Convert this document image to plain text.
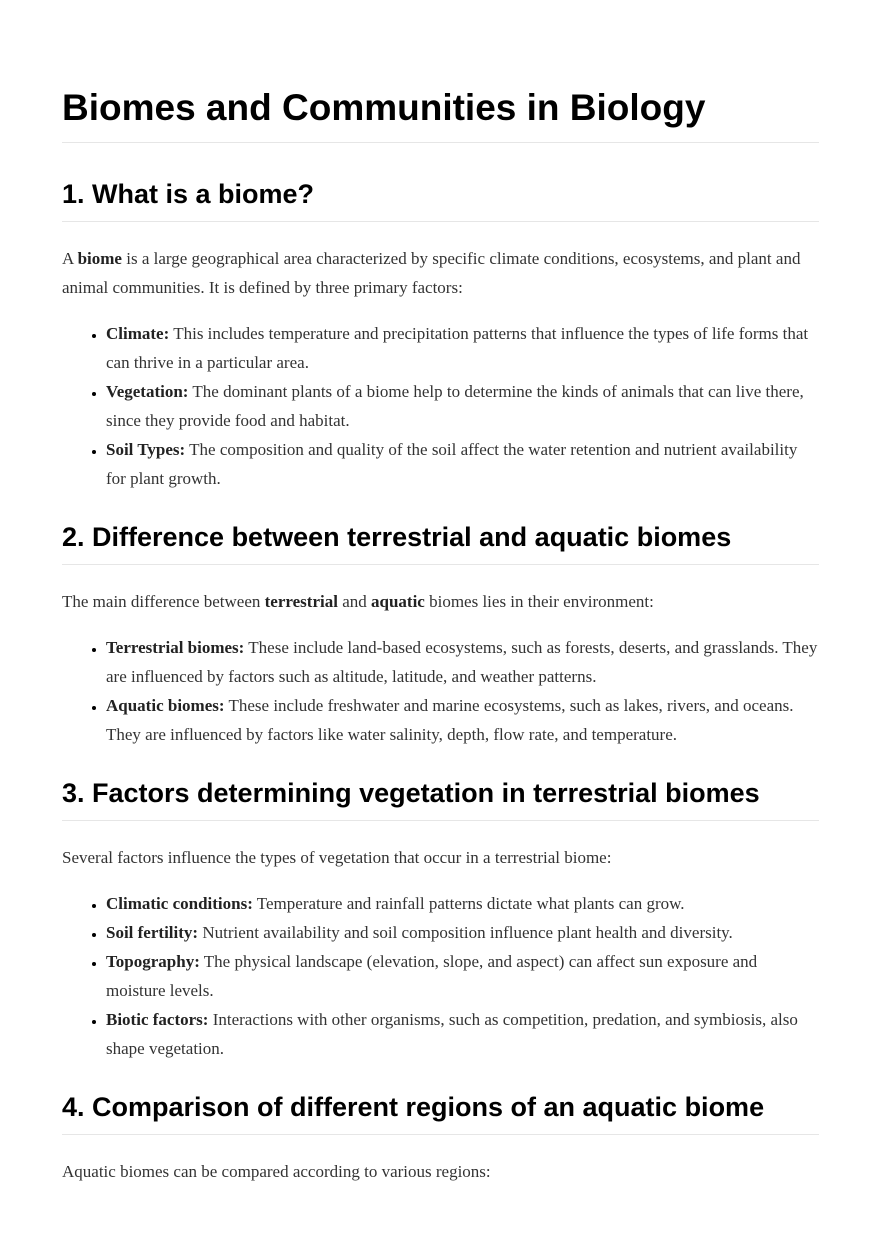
Biomes and Communities in Biology
1. What is a biome?

A biome is a large geographical area characterized by specific climate conditions, ecosystems, and plant and animal communities. It is defined by three primary factors:

• Climate: This includes temperature and precipitation patterns that influence the types of life forms that can thrive in a particular area.
• Vegetation: The dominant plants of a biome help to determine the kinds of animals that can live there, since they provide food and habitat.
• Soil Types: The composition and quality of the soil affect the water retention and nutrient availability for plant growth.
2. Difference between terrestrial and aquatic biomes

The main difference between terrestrial and aquatic biomes lies in their environment:

• Terrestrial biomes: These include land-based ecosystems, such as forests, deserts, and grasslands. They are influenced by factors such as altitude, latitude, and weather patterns.
• Aquatic biomes: These include freshwater and marine ecosystems, such as lakes, rivers, and oceans. They are influenced by factors like water salinity, depth, flow rate, and temperature.
3. Factors determining vegetation in terrestrial biomes

Several factors influence the types of vegetation that occur in a terrestrial biome:

• Climatic conditions: Temperature and rainfall patterns dictate what plants can grow.
• Soil fertility: Nutrient availability and soil composition influence plant health and diversity.
• Topography: The physical landscape (elevation, slope, and aspect) can affect sun exposure and moisture levels.
• Biotic factors: Interactions with other organisms, such as competition, predation, and symbiosis, also shape vegetation.
4. Comparison of different regions of an aquatic biome

Aquatic biomes can be compared according to various regions:
